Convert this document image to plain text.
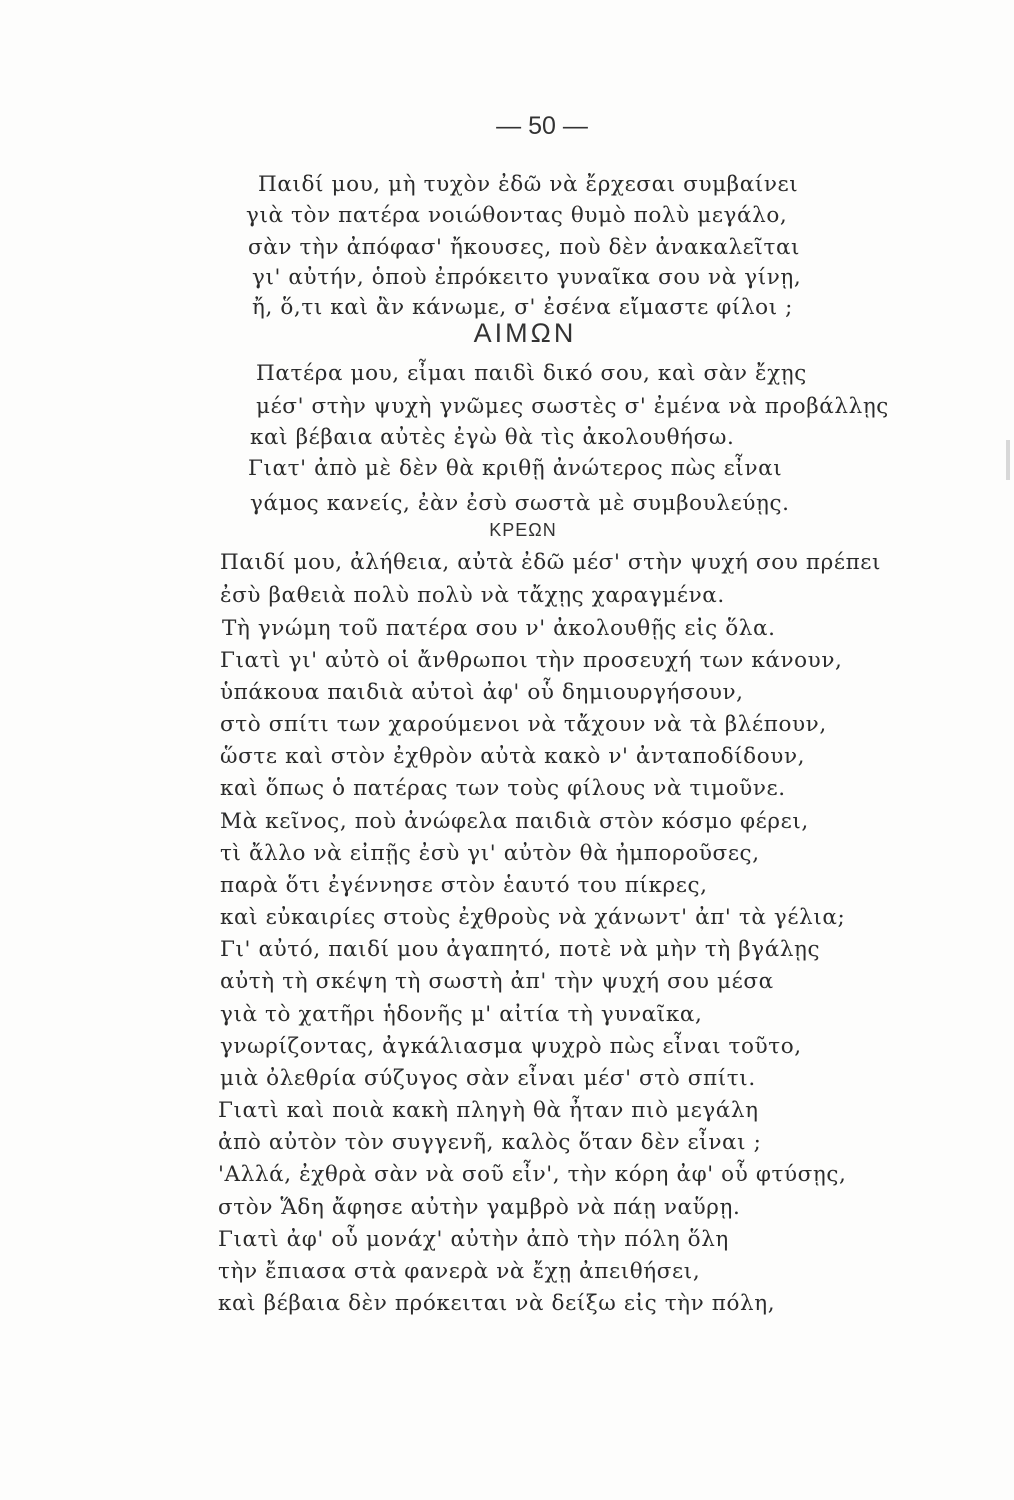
— 50 —
Παιδί μου, μὴ τυχὸν ἐδῶ νὰ ἔρχεσαι συμβαίνει
γιὰ τὸν πατέρα νοιώθοντας θυμὸ πολὺ μεγάλο,
σὰν τὴν ἀπόφασ' ἤκουσες, ποὺ δὲν ἀνακαλεῖται
γι' αὐτήν, ὁποὺ ἐπρόκειτο γυναῖκα σου νὰ γίνῃ,
ἤ, ὅ,τι καὶ ἂν κάνωμε, σ' ἐσένα εἴμαστε φίλοι ;
ΑΙΜΩΝ
Πατέρα μου, εἶμαι παιδὶ δικό σου, καὶ σὰν ἔχῃς
μέσ' στὴν ψυχὴ γνῶμες σωστὲς σ' ἐμένα νὰ προβάλλῃς
καὶ βέβαια αὐτὲς ἐγὼ θὰ τὶς ἀκολουθήσω.
Γιατ' ἀπὸ μὲ δὲν θὰ κριθῇ ἀνώτερος πὼς εἶναι
γάμος κανείς, ἐὰν ἐσὺ σωστὰ μὲ συμβουλεύῃς.
ΚΡΕΩΝ
Παιδί μου, ἀλήθεια, αὐτὰ ἐδῶ μέσ' στὴν ψυχή σου πρέπει
ἐσὺ βαθειὰ πολὺ πολὺ νὰ τἄχῃς χαραγμένα.
Τὴ γνώμη τοῦ πατέρα σου ν' ἀκολουθῇς εἰς ὅλα.
Γιατὶ γι' αὐτὸ οἱ ἄνθρωποι τὴν προσευχή των κάνουν,
ὑπάκουα παιδιὰ αὐτοὶ ἀφ' οὗ δημιουργήσουν,
στὸ σπίτι των χαρούμενοι νὰ τἄχουν νὰ τὰ βλέπουν,
ὥστε καὶ στὸν ἐχθρὸν αὐτὰ κακὸ ν' ἀνταποδίδουν,
καὶ ὅπως ὁ πατέρας των τοὺς φίλους νὰ τιμοῦνε.
Μὰ κεῖνος, ποὺ ἀνώφελα παιδιὰ στὸν κόσμο φέρει,
τὶ ἄλλο νὰ εἰπῇς ἐσὺ γι' αὐτὸν θὰ ἠμποροῦσες,
παρὰ ὅτι ἐγέννησε στὸν ἑαυτό του πίκρες,
καὶ εὐκαιρίες στοὺς ἐχθροὺς νὰ χάνωντ' ἀπ' τὰ γέλια;
Γι' αὐτό, παιδί μου ἀγαπητό, ποτὲ νὰ μὴν τὴ βγάλῃς
αὐτὴ τὴ σκέψη τὴ σωστὴ ἀπ' τὴν ψυχή σου μέσα
γιὰ τὸ χατῆρι ἡδονῆς μ' αἰτία τὴ γυναῖκα,
γνωρίζοντας, ἀγκάλιασμα ψυχρὸ πὼς εἶναι τοῦτο,
μιὰ ὀλεθρία σύζυγος σὰν εἶναι μέσ' στὸ σπίτι.
Γιατὶ καὶ ποιὰ κακὴ πληγὴ θὰ ἦταν πιὸ μεγάλη
ἀπὸ αὐτὸν τὸν συγγενῆ, καλὸς ὅταν δὲν εἶναι ;
'Αλλά, ἐχθρὰ σὰν νὰ σοῦ εἶν', τὴν κόρη ἀφ' οὗ φτύσῃς,
στὸν Ἅδη ἄφησε αὐτὴν γαμβρὸ νὰ πάῃ ναὕρῃ.
Γιατὶ ἀφ' οὗ μονάχ' αὐτὴν ἀπὸ τὴν πόλη ὅλη
τὴν ἔπιασα στὰ φανερὰ νὰ ἔχῃ ἀπειθήσει,
καὶ βέβαια δὲν πρόκειται νὰ δείξω εἰς τὴν πόλη,
